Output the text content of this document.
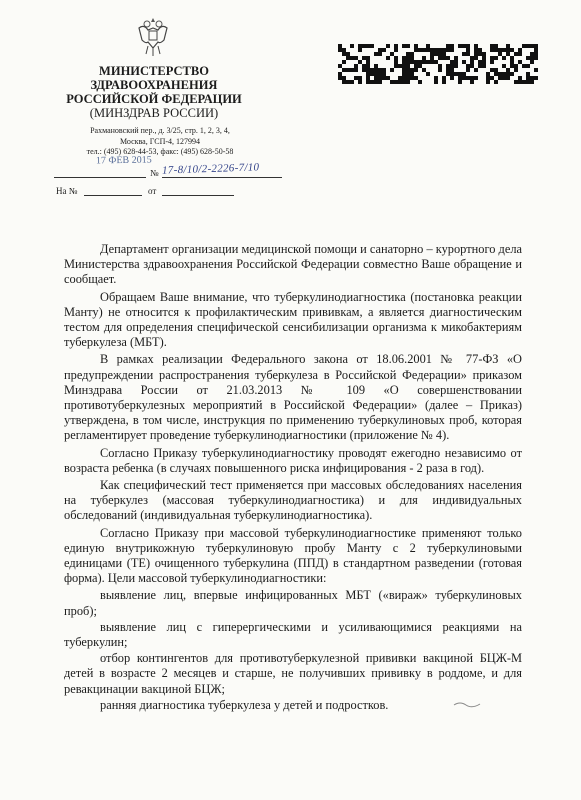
МИНИСТЕРСТВО
ЗДРАВООХРАНЕНИЯ
РОССИЙСКОЙ ФЕДЕРАЦИИ
(МИНЗДРАВ РОССИИ)
Рахмановский пер., д. 3/25, стр. 1, 2, 3, 4,
Москва, ГСП-4, 127994
тел.: (495) 628-44-53, факс: (495) 628-50-58
17 ФЕВ 2015
№ 17-8/10/2-2226-7/10
На №	от

Департамент организации медицинской помощи и санаторно – курортного дела Министерства здравоохранения Российской Федерации совместно Ваше обращение и сообщает.

Обращаем Ваше внимание, что туберкулинодиагностика (постановка реакции Манту) не относится к профилактическим прививкам, а является диагностическим тестом для определения специфической сенсибилизации организма к микобактериям туберкулеза (МБТ).

В рамках реализации Федерального закона от 18.06.2001 № 77-ФЗ «О предупреждении распространения туберкулеза в Российской Федерации» приказом Минздрава России от 21.03.2013 № 109 «О совершенствовании противотуберкулезных мероприятий в Российской Федерации» (далее – Приказ) утверждена, в том числе, инструкция по применению туберкулиновых проб, которая регламентирует проведение туберкулинодиагностики (приложение № 4).

Согласно Приказу туберкулинодиагностику проводят ежегодно независимо от возраста ребенка (в случаях повышенного риска инфицирования - 2 раза в год).

Как специфический тест применяется при массовых обследованиях населения на туберкулез (массовая туберкулинодиагностика) и для индивидуальных обследований (индивидуальная туберкулинодиагностика).

Согласно Приказу при массовой туберкулинодиагностике применяют только единую внутрикожную туберкулиновую пробу Манту с 2 туберкулиновыми единицами (ТЕ) очищенного туберкулина (ППД) в стандартном разведении (готовая форма). Цели массовой туберкулинодиагностики:

выявление лиц, впервые инфицированных МБТ («вираж» туберкулиновых проб);

выявление лиц с гиперергическими и усиливающимися реакциями на туберкулин;

отбор контингентов для противотуберкулезной прививки вакциной БЦЖ-М детей в возрасте 2 месяцев и старше, не получивших прививку в роддоме, и для ревакцинации вакциной БЦЖ;

ранняя диагностика туберкулеза у детей и подростков.
